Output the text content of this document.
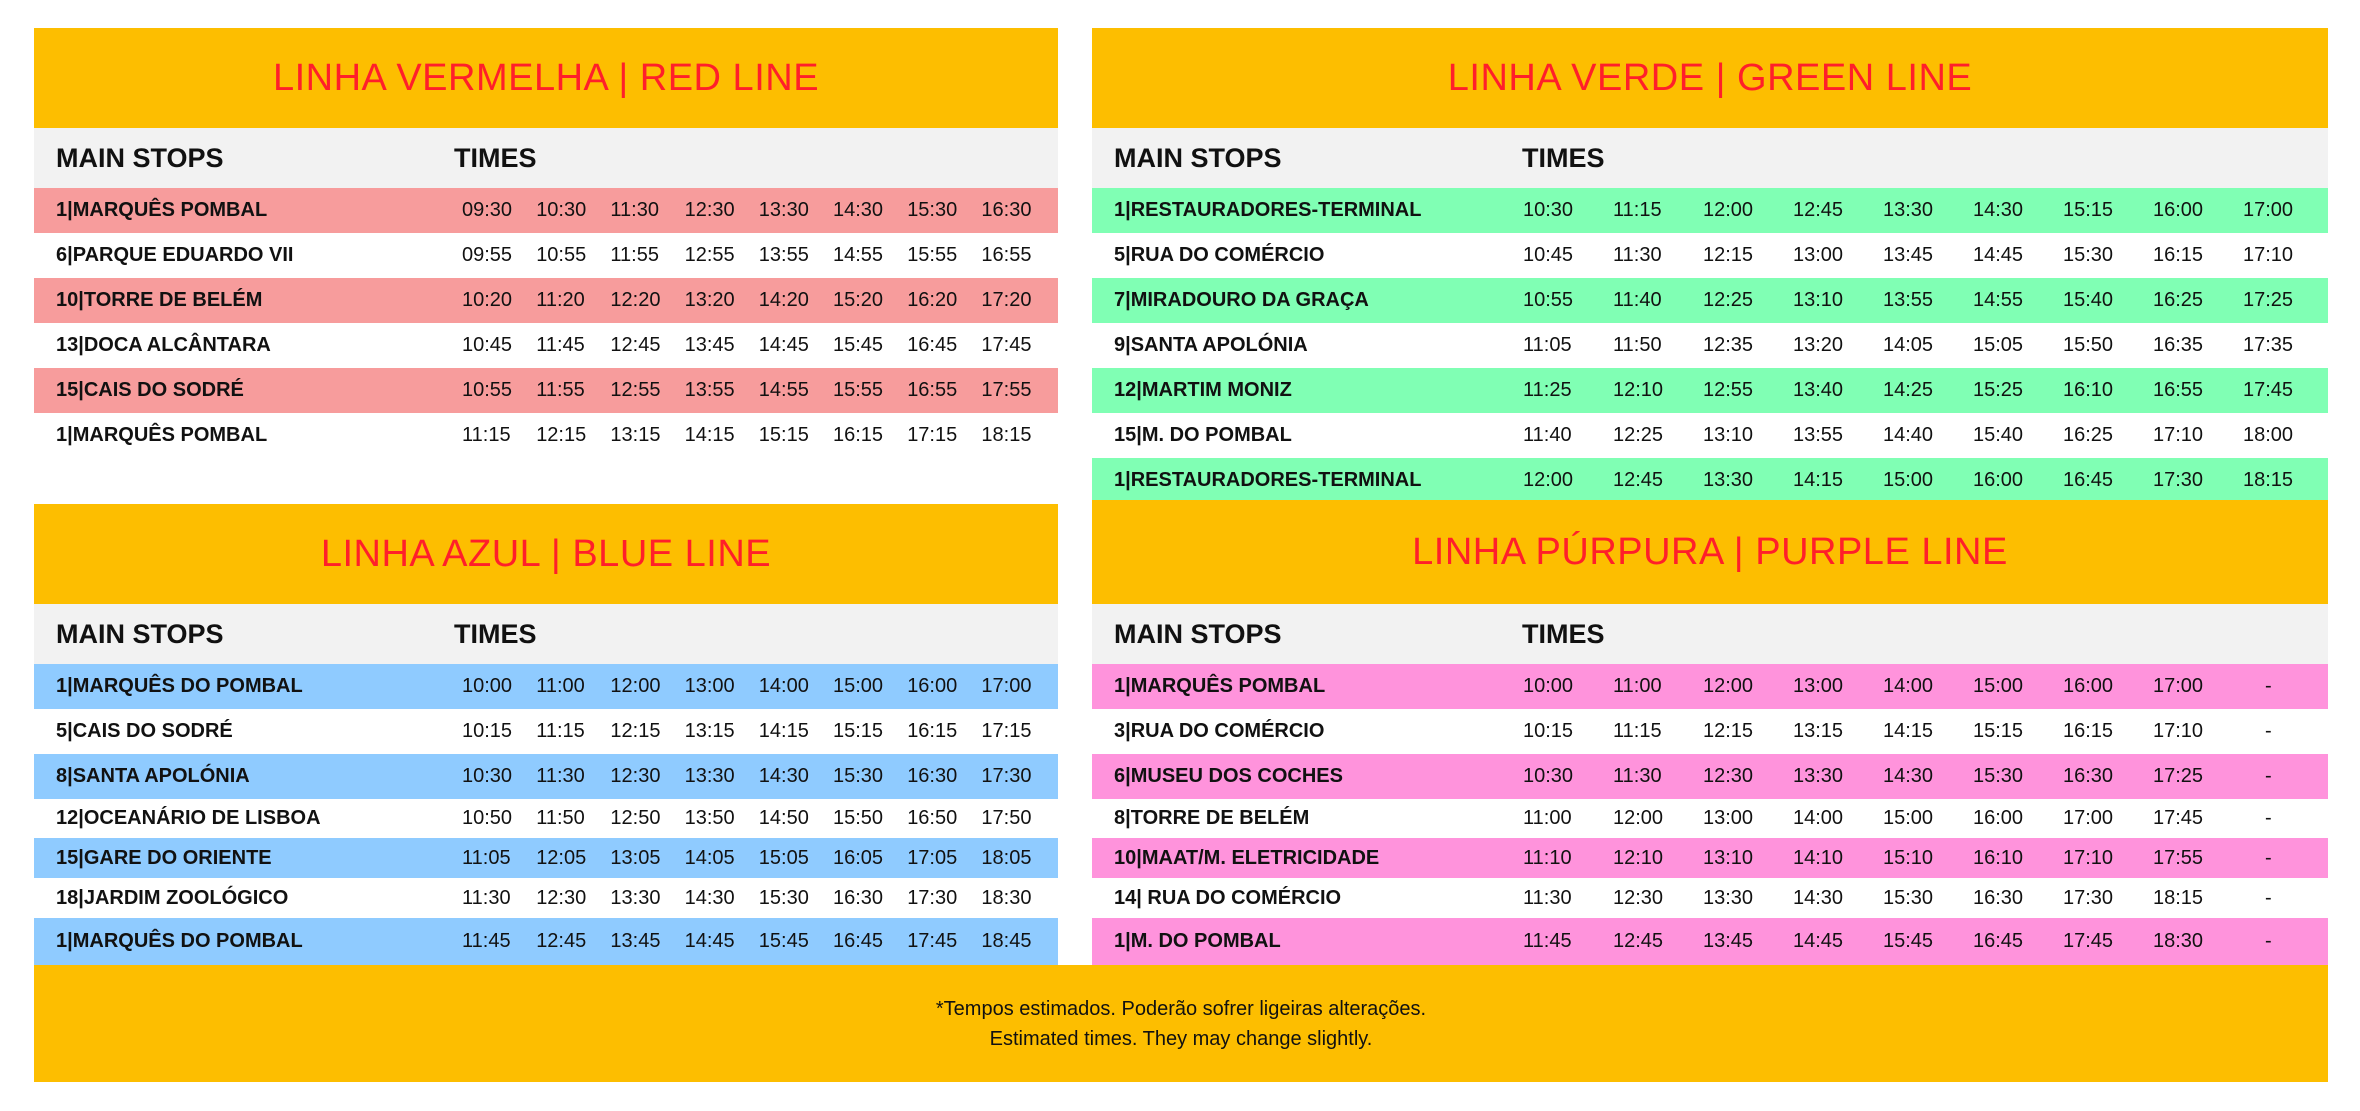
LINHA VERMELHA | RED LINE
MAIN STOPS	TIMES
1|MARQUÊS POMBAL	09:30 10:30 11:30 12:30 13:30 14:30 15:30 16:30
6|PARQUE EDUARDO VII	09:55 10:55 11:55 12:55 13:55 14:55 15:55 16:55
10|TORRE DE BELÉM	10:20 11:20 12:20 13:20 14:20 15:20 16:20 17:20
13|DOCA ALCÂNTARA	10:45 11:45 12:45 13:45 14:45 15:45 16:45 17:45
15|CAIS DO SODRÉ	10:55 11:55 12:55 13:55 14:55 15:55 16:55 17:55
1|MARQUÊS POMBAL	11:15 12:15 13:15 14:15 15:15 16:15 17:15 18:15
LINHA VERDE | GREEN LINE
MAIN STOPS	TIMES
1|RESTAURADORES-TERMINAL	10:30 11:15 12:00 12:45 13:30 14:30 15:15 16:00 17:00
5|RUA DO COMÉRCIO	10:45 11:30 12:15 13:00 13:45 14:45 15:30 16:15 17:10
7|MIRADOURO DA GRAÇA	10:55 11:40 12:25 13:10 13:55 14:55 15:40 16:25 17:25
9|SANTA APOLÓNIA	11:05 11:50 12:35 13:20 14:05 15:05 15:50 16:35 17:35
12|MARTIM MONIZ	11:25 12:10 12:55 13:40 14:25 15:25 16:10 16:55 17:45
15|M. DO POMBAL	11:40 12:25 13:10 13:55 14:40 15:40 16:25 17:10 18:00
1|RESTAURADORES-TERMINAL	12:00 12:45 13:30 14:15 15:00 16:00 16:45 17:30 18:15
LINHA AZUL | BLUE LINE
MAIN STOPS	TIMES
1|MARQUÊS DO POMBAL	10:00 11:00 12:00 13:00 14:00 15:00 16:00 17:00
5|CAIS DO SODRÉ	10:15 11:15 12:15 13:15 14:15 15:15 16:15 17:15
8|SANTA APOLÓNIA	10:30 11:30 12:30 13:30 14:30 15:30 16:30 17:30
12|OCEANÁRIO DE LISBOA	10:50 11:50 12:50 13:50 14:50 15:50 16:50 17:50
15|GARE DO ORIENTE	11:05 12:05 13:05 14:05 15:05 16:05 17:05 18:05
18|JARDIM ZOOLÓGICO	11:30 12:30 13:30 14:30 15:30 16:30 17:30 18:30
1|MARQUÊS DO POMBAL	11:45 12:45 13:45 14:45 15:45 16:45 17:45 18:45
LINHA PÚRPURA | PURPLE LINE
MAIN STOPS	TIMES
1|MARQUÊS POMBAL	10:00 11:00 12:00 13:00 14:00 15:00 16:00 17:00	-
3|RUA DO COMÉRCIO	10:15 11:15 12:15 13:15 14:15 15:15 16:15 17:10	-
6|MUSEU DOS COCHES	10:30 11:30 12:30 13:30 14:30 15:30 16:30 17:25	-
8|TORRE DE BELÉM	11:00 12:00 13:00 14:00 15:00 16:00 17:00 17:45	-
10|MAAT/M. ELETRICIDADE	11:10 12:10 13:10 14:10 15:10 16:10 17:10 17:55	-
14| RUA DO COMÉRCIO	11:30 12:30 13:30 14:30 15:30 16:30 17:30 18:15	-
1|M. DO POMBAL	11:45 12:45 13:45 14:45 15:45 16:45 17:45 18:30	-
*Tempos estimados. Poderão sofrer ligeiras alterações.
Estimated times. They may change slightly.
